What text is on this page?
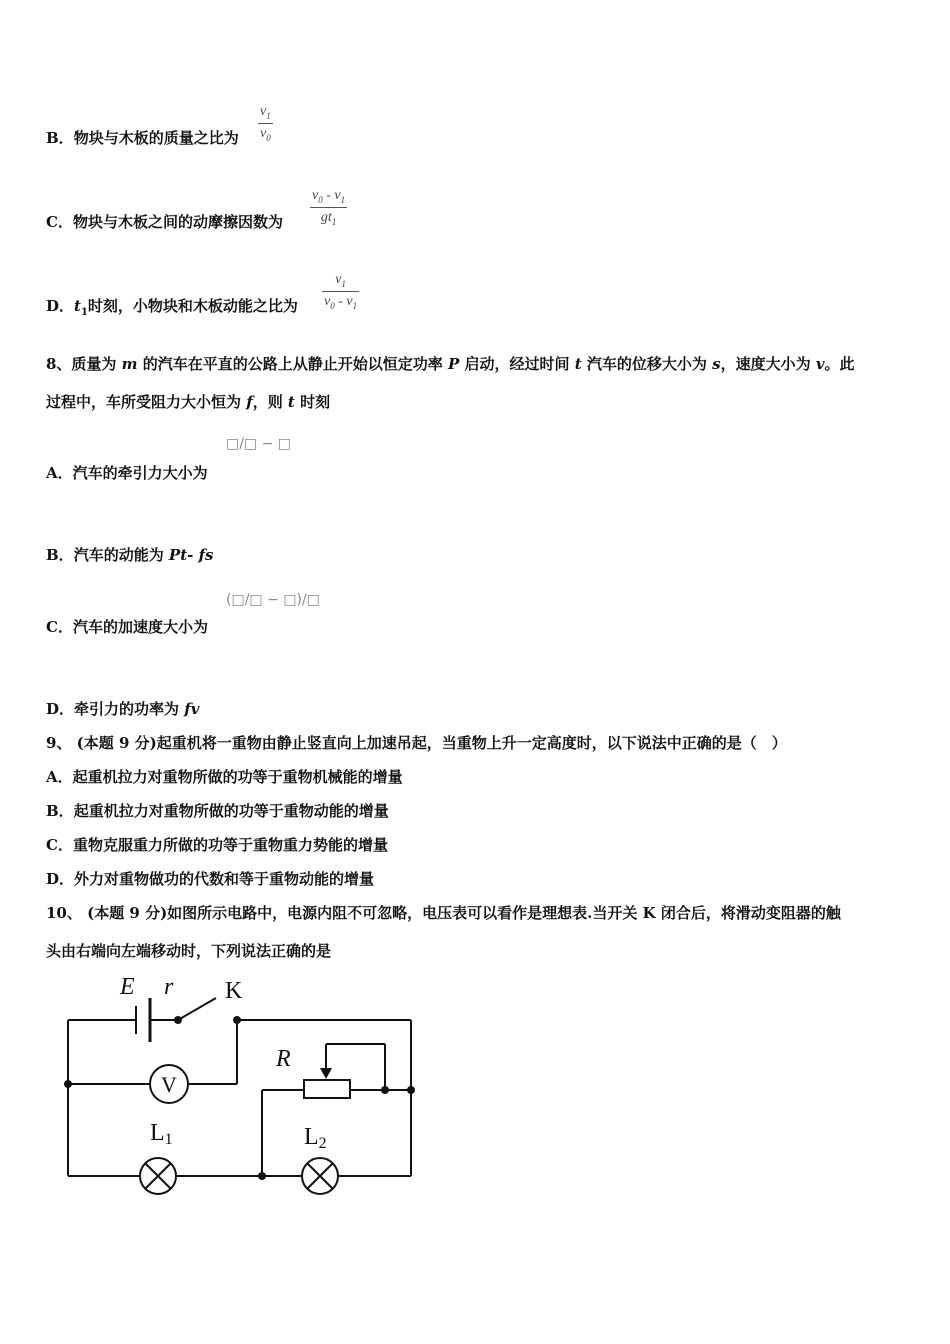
B．物块与木板的质量之比为
$v_1$
$v_0$
C．物块与木板之间的动摩擦因数为
$v_0 - v_1$
$gt_1$
D．$t_1$时刻，小物块和木板动能之比为
$v_1$
$v_0 - v_1$
8、质量为 m 的汽车在平直的公路上从静止开始以恒定功率 P 启动，经过时间 t 汽车的位移大小为 s，速度大小为 v。此
过程中，车所受阻力大小恒为 f，则 t 时刻
A．汽车的牵引力大小为
□/□ − □
B．汽车的动能为 Pt- fs
C．汽车的加速度大小为
(□/□ − □)/□
D．牵引力的功率为 fv
9、 (本题 9 分)起重机将一重物由静止竖直向上加速吊起，当重物上升一定高度时，以下说法中正确的是（　）
A．起重机拉力对重物所做的功等于重物机械能的增量
B．起重机拉力对重物所做的功等于重物动能的增量
C．重物克服重力所做的功等于重物重力势能的增量
D．外力对重物做功的代数和等于重物动能的增量
10、 (本题 9 分)如图所示电路中，电源内阻不可忽略，电压表可以看作是理想表.当开关 K 闭合后，将滑动变阻器的触
头由右端向左端移动时，下列说法正确的是
V
E r K
R
L1	L2
